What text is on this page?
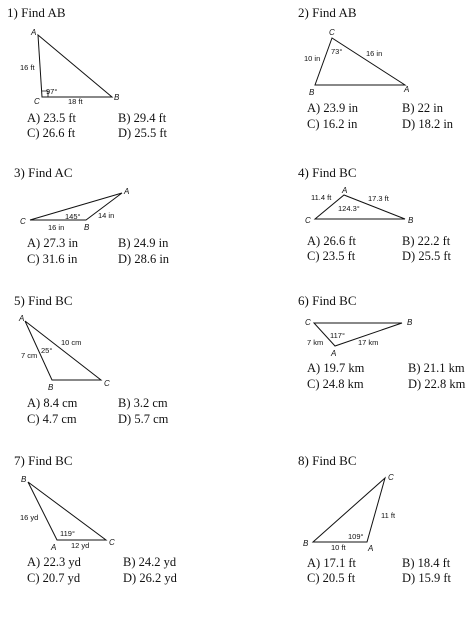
1) Find AB
A
B
C
16 ft
18 ft
97°
A) 23.5 ft	B) 29.4 ft
C) 26.6 ft	D) 25.5 ft
2) Find AB
C
B	A
10 in
16 in
73°
A) 23.9 in	B) 22 in
C) 16.2 in	D) 18.2 in
3) Find AC
A
C
B
16 in
14 in
145°
A) 27.3 in	B) 24.9 in
C) 31.6 in	D) 28.6 in
4) Find BC
A
C	B
11.4 ft	17.3 ft
124.3°
A) 26.6 ft	B) 22.2 ft
C) 23.5 ft	D) 25.5 ft
5) Find BC
A
B	C
7 cm
10 cm
25°
A) 8.4 cm	B) 3.2 cm
C) 4.7 cm	D) 5.7 cm
6) Find BC
C	B
A
7 km	17 km
117°
A) 19.7 km	B) 21.1 km
C) 24.8 km	D) 22.8 km
7) Find BC
B
A
C
16 yd
12 yd
119°
A) 22.3 yd	B) 24.2 yd
C) 20.7 yd	D) 26.2 yd
8) Find BC
C
B
A
10 ft
11 ft
109°
A) 17.1 ft	B) 18.4 ft
C) 20.5 ft	D) 15.9 ft
